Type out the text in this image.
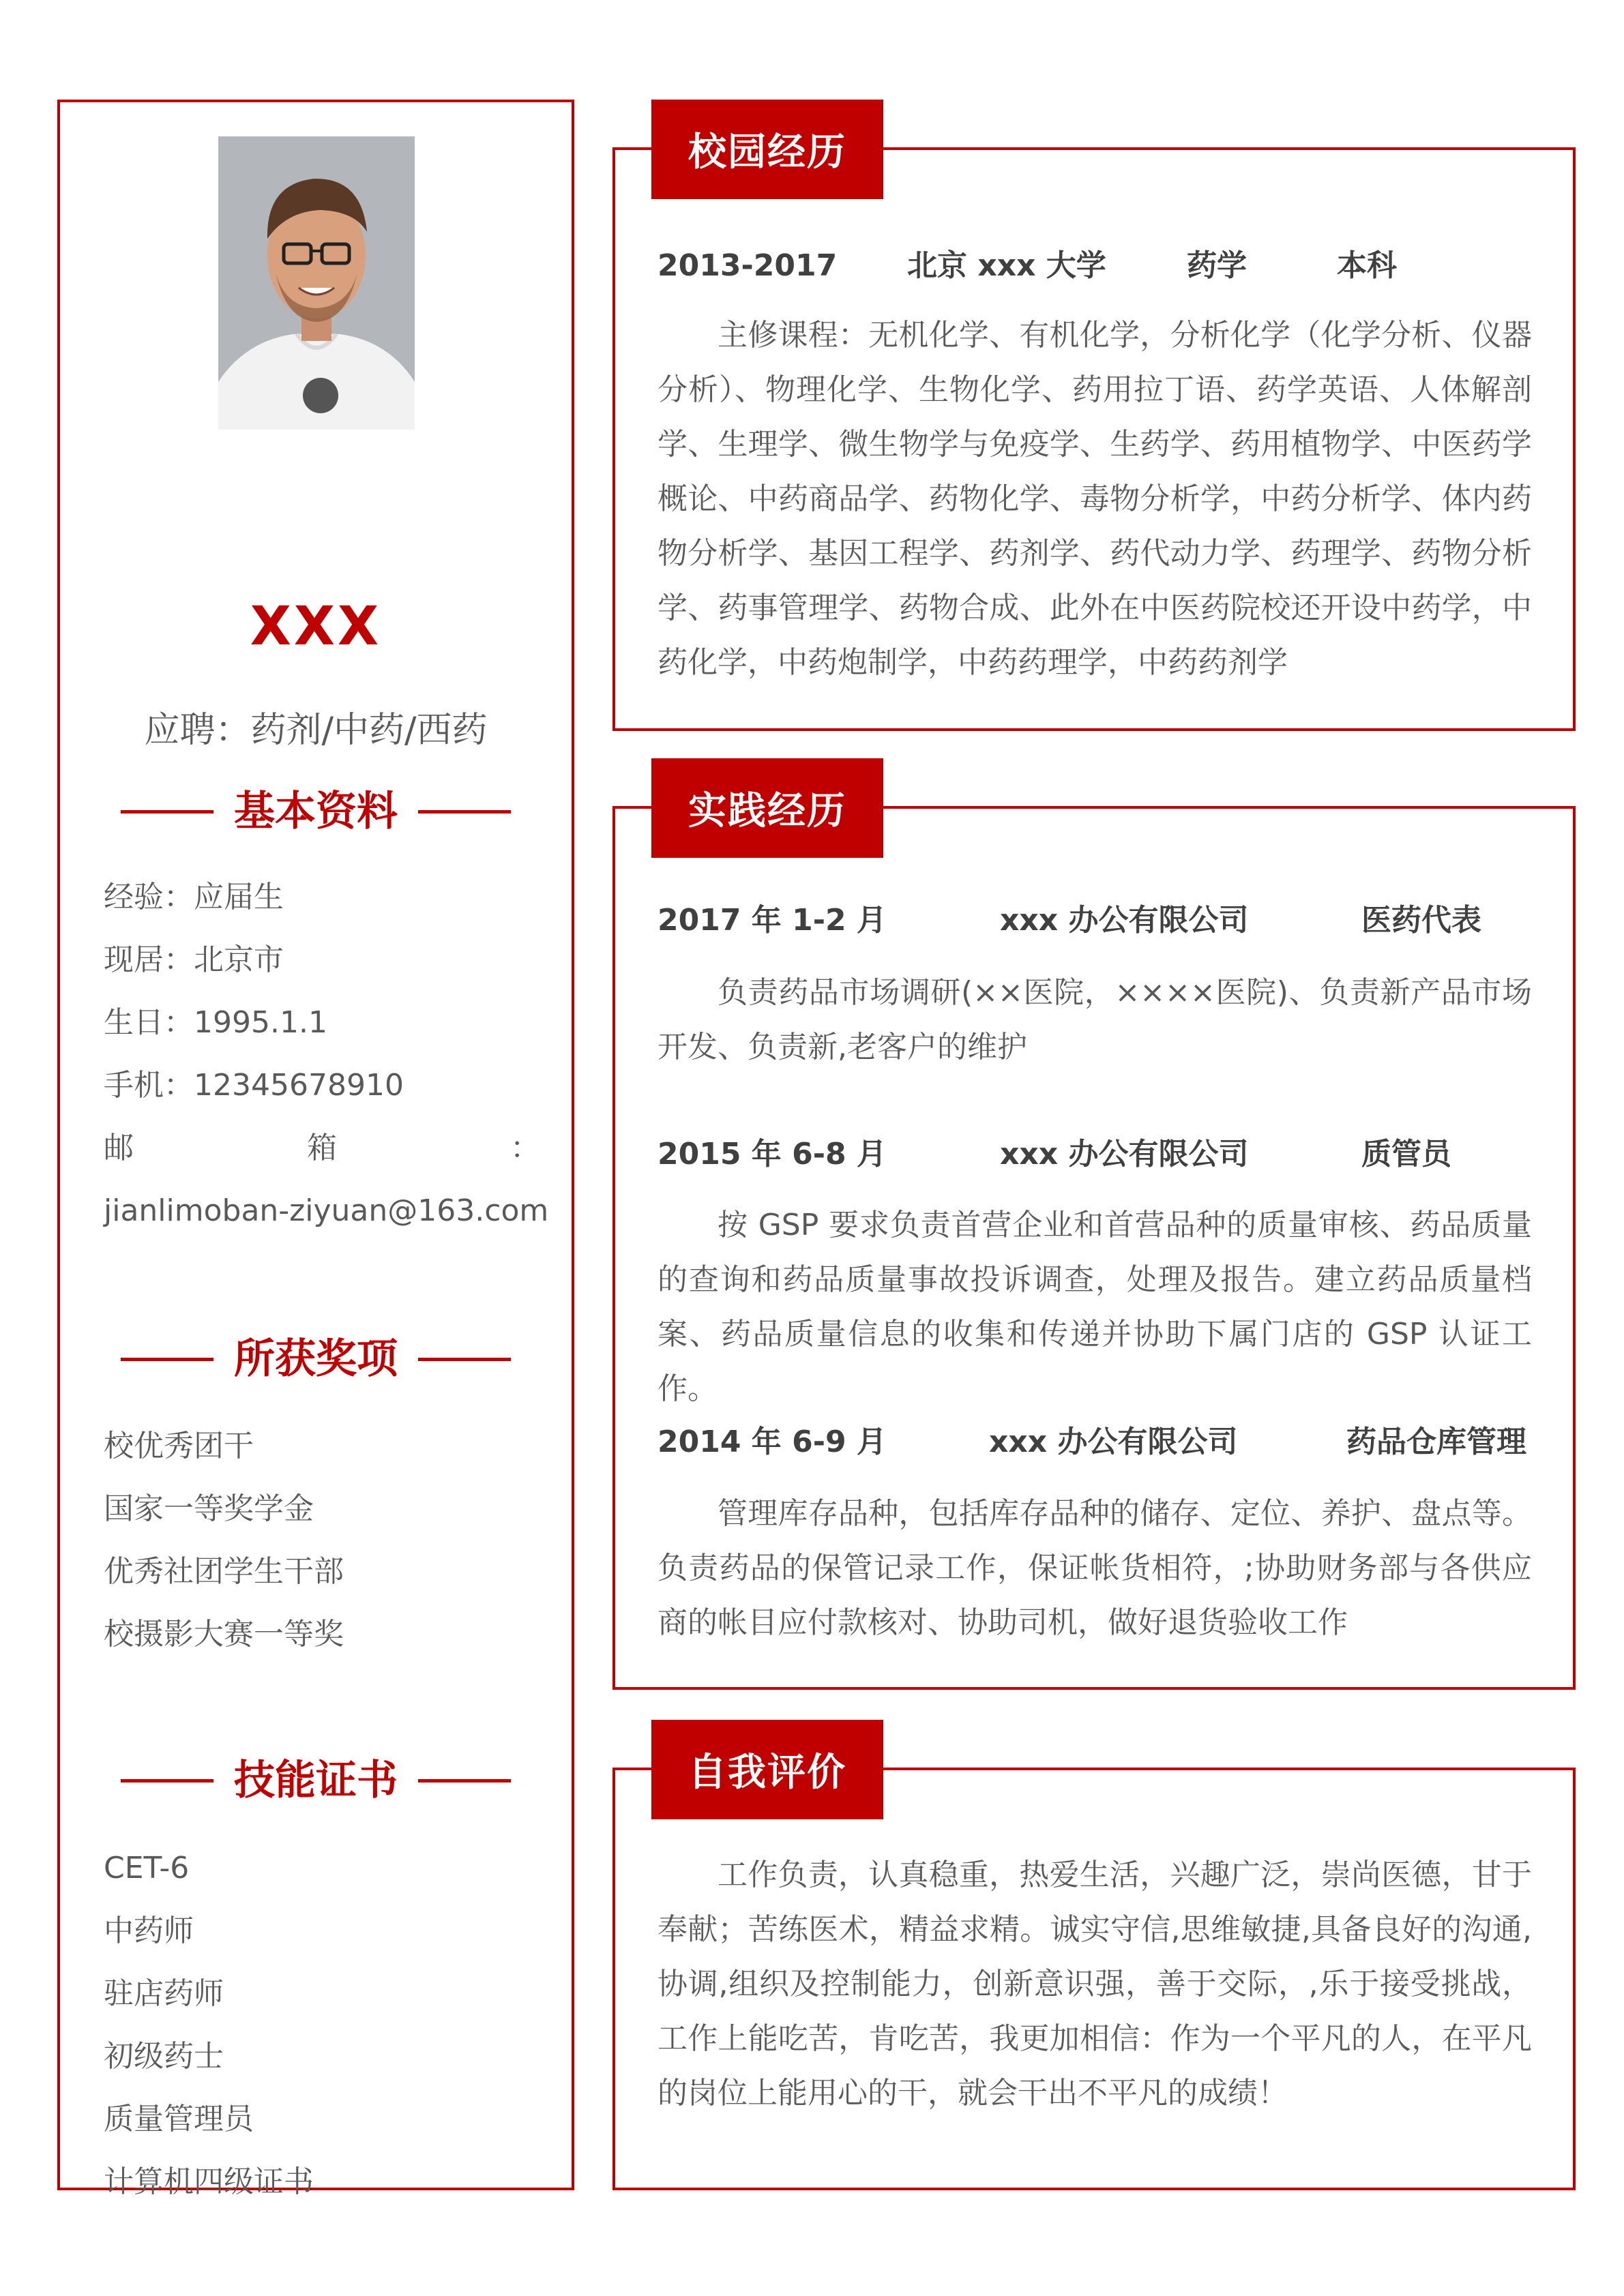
XXX
应聘：药剂/中药/西药
基本资料
经验：应届生
现居：北京市
生日：1995.1.1
手机：12345678910
邮	箱	：
jianlimoban-ziyuan@163.com
所获奖项
校优秀团干
国家一等奖学金
优秀社团学生干部
校摄影大赛一等奖
技能证书
CET-6
中药师
驻店药师
初级药士
质量管理员
计算机四级证书
校园经历
2013-2017 北京 xxx 大学	药学	本科

主修课程：无机化学、有机化学，分析化学（化学分析、仪器分析）、物理化学、生物化学、药用拉丁语、药学英语、人体解剖学、生理学、微生物学与免疫学、生药学、药用植物学、中医药学概论、中药商品学、药物化学、毒物分析学，中药分析学、体内药物分析学、基因工程学、药剂学、药代动力学、药理学、药物分析学、药事管理学、药物合成、此外在中医药院校还开设中药学，中药化学，中药炮制学，中药药理学，中药药剂学

实践经历
2017 年 1-2 月	xxx 办公有限公司	医药代表

负责药品市场调研(××医院，××××医院)、负责新产品市场开发、负责新,老客户的维护

2015 年 6-8 月	xxx 办公有限公司	质管员

按 GSP 要求负责首营企业和首营品种的质量审核、药品质量的查询和药品质量事故投诉调查，处理及报告。建立药品质量档案、药品质量信息的收集和传递并协助下属门店的 GSP 认证工作。

2014 年 6-9 月	xxx 办公有限公司	药品仓库管理

管理库存品种，包括库存品种的储存、定位、养护、盘点等。负责药品的保管记录工作，保证帐货相符，;协助财务部与各供应商的帐目应付款核对、协助司机，做好退货验收工作

自我评价

工作负责，认真稳重，热爱生活，兴趣广泛，崇尚医德，甘于奉献；苦练医术，精益求精。诚实守信,思维敏捷,具备良好的沟通,协调,组织及控制能力，创新意识强，善于交际，,乐于接受挑战，工作上能吃苦，肯吃苦，我更加相信：作为一个平凡的人，在平凡的岗位上能用心的干，就会干出不平凡的成绩！
